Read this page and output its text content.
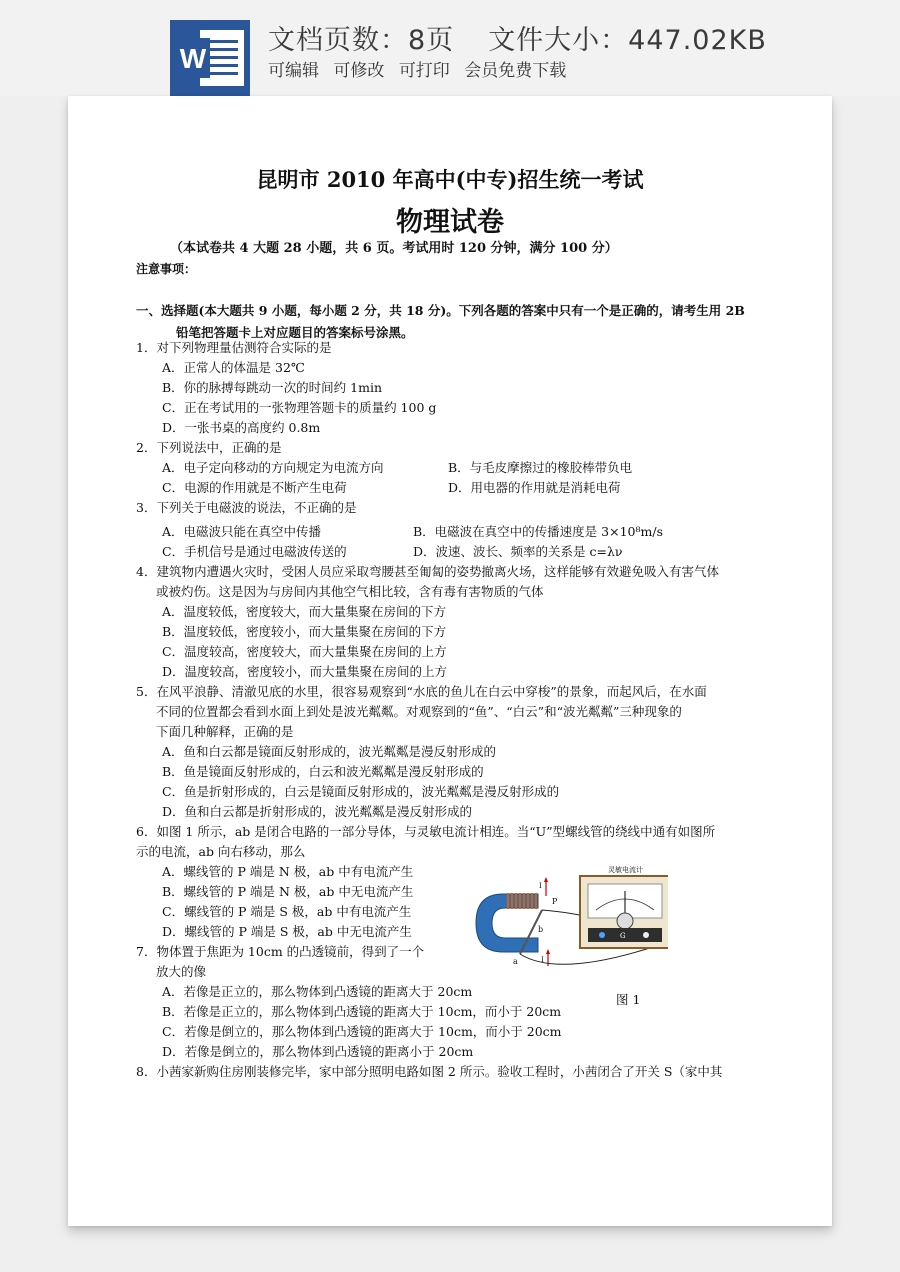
W
文档页数：8页 文件大小：447.02KB
可编辑 可修改 可打印 会员免费下载
昆明市 2010 年高中(中专)招生统一考试
物理试卷
（本试卷共 4 大题 28 小题，共 6 页。考试用时 120 分钟，满分 100 分）
注意事项：
一、选择题(本大题共 9 小题，每小题 2 分，共 18 分)。下列各题的答案中只有一个是正确的，请考生用 2B
铅笔把答题卡上对应题目的答案标号涂黑。
1．对下列物理量估测符合实际的是
A．正常人的体温是 32℃
B．你的脉搏每跳动一次的时间约 1min
C．正在考试用的一张物理答题卡的质量约 100 g
D．一张书桌的高度约 0.8m
2．下列说法中，正确的是
A．电子定向移动的方向规定为电流方向	B．与毛皮摩擦过的橡胶棒带负电
C．电源的作用就是不断产生电荷	D．用电器的作用就是消耗电荷
3．下列关于电磁波的说法，不正确的是
A．电磁波只能在真空中传播	B．电磁波在真空中的传播速度是 3×10⁸m/s
C．手机信号是通过电磁波传送的	D．波速、波长、频率的关系是 c=λν
4．建筑物内遭遇火灾时，受困人员应采取弯腰甚至匍匐的姿势撤离火场，这样能够有效避免吸入有害气体
或被灼伤。这是因为与房间内其他空气相比较，含有毒有害物质的气体
A．温度较低，密度较大，而大量集聚在房间的下方
B．温度较低，密度较小，而大量集聚在房间的下方
C．温度较高，密度较大，而大量集聚在房间的上方
D．温度较高，密度较小，而大量集聚在房间的上方
5．在风平浪静、清澈见底的水里，很容易观察到“水底的鱼儿在白云中穿梭”的景象，而起风后，在水面
不同的位置都会看到水面上到处是波光粼粼。对观察到的“鱼”、“白云”和“波光粼粼”三种现象的
下面几种解释，正确的是
A．鱼和白云都是镜面反射形成的，波光粼粼是漫反射形成的
B．鱼是镜面反射形成的，白云和波光粼粼是漫反射形成的
C．鱼是折射形成的，白云是镜面反射形成的，波光粼粼是漫反射形成的
D．鱼和白云都是折射形成的，波光粼粼是漫反射形成的
6．如图 1 所示，ab 是闭合电路的一部分导体，与灵敏电流计相连。当“U”型螺线管的绕线中通有如图所
示的电流，ab 向右移动，那么
A．螺线管的 P 端是 N 极，ab 中有电流产生
B．螺线管的 P 端是 N 极，ab 中无电流产生
C．螺线管的 P 端是 S 极，ab 中有电流产生
D．螺线管的 P 端是 S 极，ab 中无电流产生
7．物体置于焦距为 10cm 的凸透镜前，得到了一个
放大的像
A．若像是正立的，那么物体到凸透镜的距离大于 20cm
B．若像是正立的，那么物体到凸透镜的距离大于 10cm，而小于 20cm
C．若像是倒立的，那么物体到凸透镜的距离大于 10cm，而小于 20cm
D．若像是倒立的，那么物体到凸透镜的距离小于 20cm
8．小茜家新购住房刚装修完毕，家中部分照明电路如图 2 所示。验收工程时，小茜闭合了开关 S（家中其
I
I
P
a
b
灵敏电流计
G
图 1
